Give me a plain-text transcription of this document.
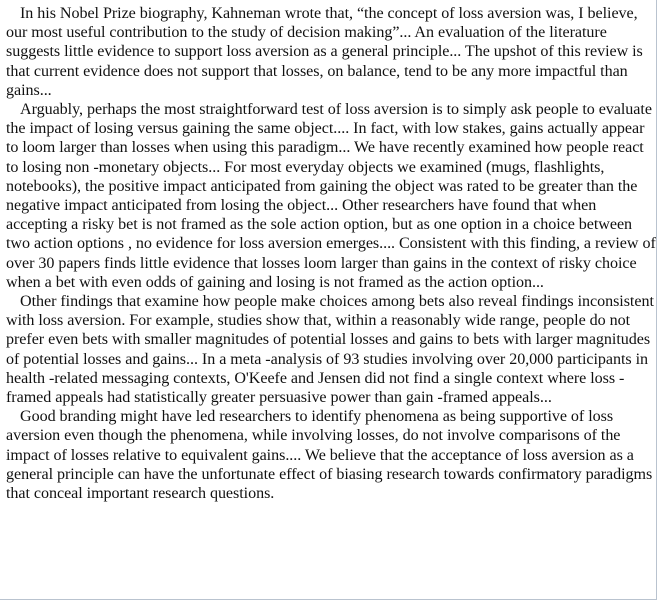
In his Nobel Prize biography, Kahneman wrote that, “the concept of loss aversion was, I believe, our most useful contribution to the study of decision making”... An evaluation of the literature suggests little evidence to support loss aversion as a general principle... The upshot of this review is that current evidence does not support that losses, on balance, tend to be any more impactful than gains...

Arguably, perhaps the most straightforward test of loss aversion is to simply ask people to evaluate the impact of losing versus gaining the same object.... In fact, with low stakes, gains actually appear to loom larger than losses when using this paradigm... We have recently examined how people react to losing non -monetary objects... For most everyday objects we examined (mugs, flashlights, notebooks), the positive impact anticipated from gaining the object was rated to be greater than the negative impact anticipated from losing the object... Other researchers have found that when accepting a risky bet is not framed as the sole action option, but as one option in a choice between two action options , no evidence for loss aversion emerges.... Consistent with this finding, a review of over 30 papers finds little evidence that losses loom larger than gains in the context of risky choice when a bet with even odds of gaining and losing is not framed as the action option...

Other findings that examine how people make choices among bets also reveal findings inconsistent with loss aversion. For example, studies show that, within a reasonably wide range, people do not prefer even bets with smaller magnitudes of potential losses and gains to bets with larger magnitudes of potential losses and gains... In a meta -analysis of 93 studies involving over 20,000 participants in health -related messaging contexts, O'Keefe and Jensen did not find a single context where loss -framed appeals had statistically greater persuasive power than gain -framed appeals...

Good branding might have led researchers to identify phenomena as being supportive of loss aversion even though the phenomena, while involving losses, do not involve comparisons of the impact of losses relative to equivalent gains.... We believe that the acceptance of loss aversion as a general principle can have the unfortunate effect of biasing research towards confirmatory paradigms that conceal important research questions.
